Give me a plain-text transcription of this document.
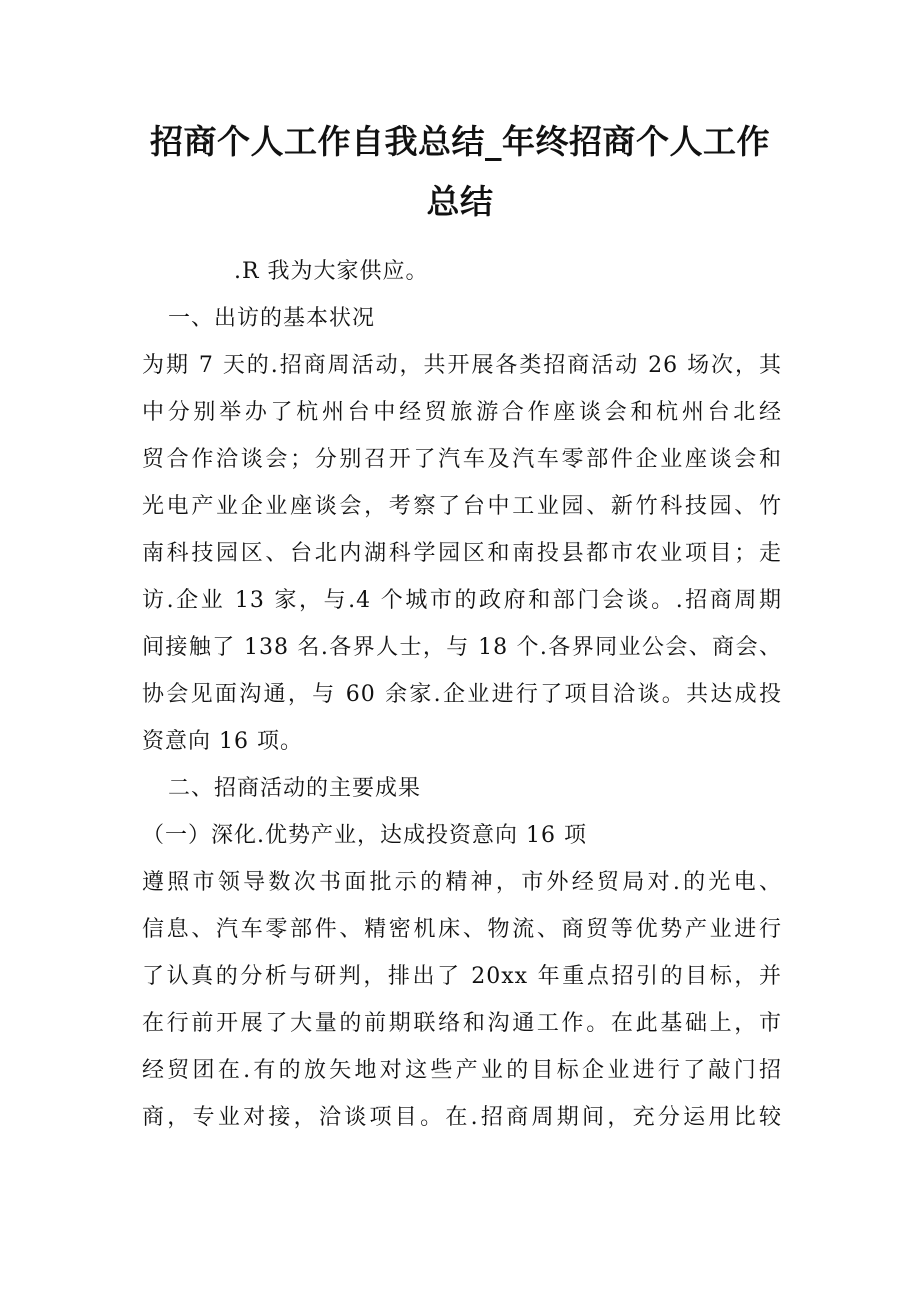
招商个人工作自我总结_年终招商个人工作
总结

.R 我为大家供应。

一、出访的基本状况

为期 7 天的.招商周活动，共开展各类招商活动 26 场次，其

中分别举办了杭州台中经贸旅游合作座谈会和杭州台北经

贸合作洽谈会；分别召开了汽车及汽车零部件企业座谈会和

光电产业企业座谈会，考察了台中工业园、新竹科技园、竹

南科技园区、台北内湖科学园区和南投县都市农业项目；走

访.企业 13 家，与.4 个城市的政府和部门会谈。.招商周期

间接触了 138 名.各界人士，与 18 个.各界同业公会、商会、

协会见面沟通，与 60 余家.企业进行了项目洽谈。共达成投

资意向 16 项。

二、招商活动的主要成果

（一）深化.优势产业，达成投资意向 16 项

遵照市领导数次书面批示的精神，市外经贸局对.的光电、

信息、汽车零部件、精密机床、物流、商贸等优势产业进行

了认真的分析与研判，排出了 20xx 年重点招引的目标，并

在行前开展了大量的前期联络和沟通工作。在此基础上，市

经贸团在.有的放矢地对这些产业的目标企业进行了敲门招

商，专业对接，洽谈项目。在.招商周期间，充分运用比较
